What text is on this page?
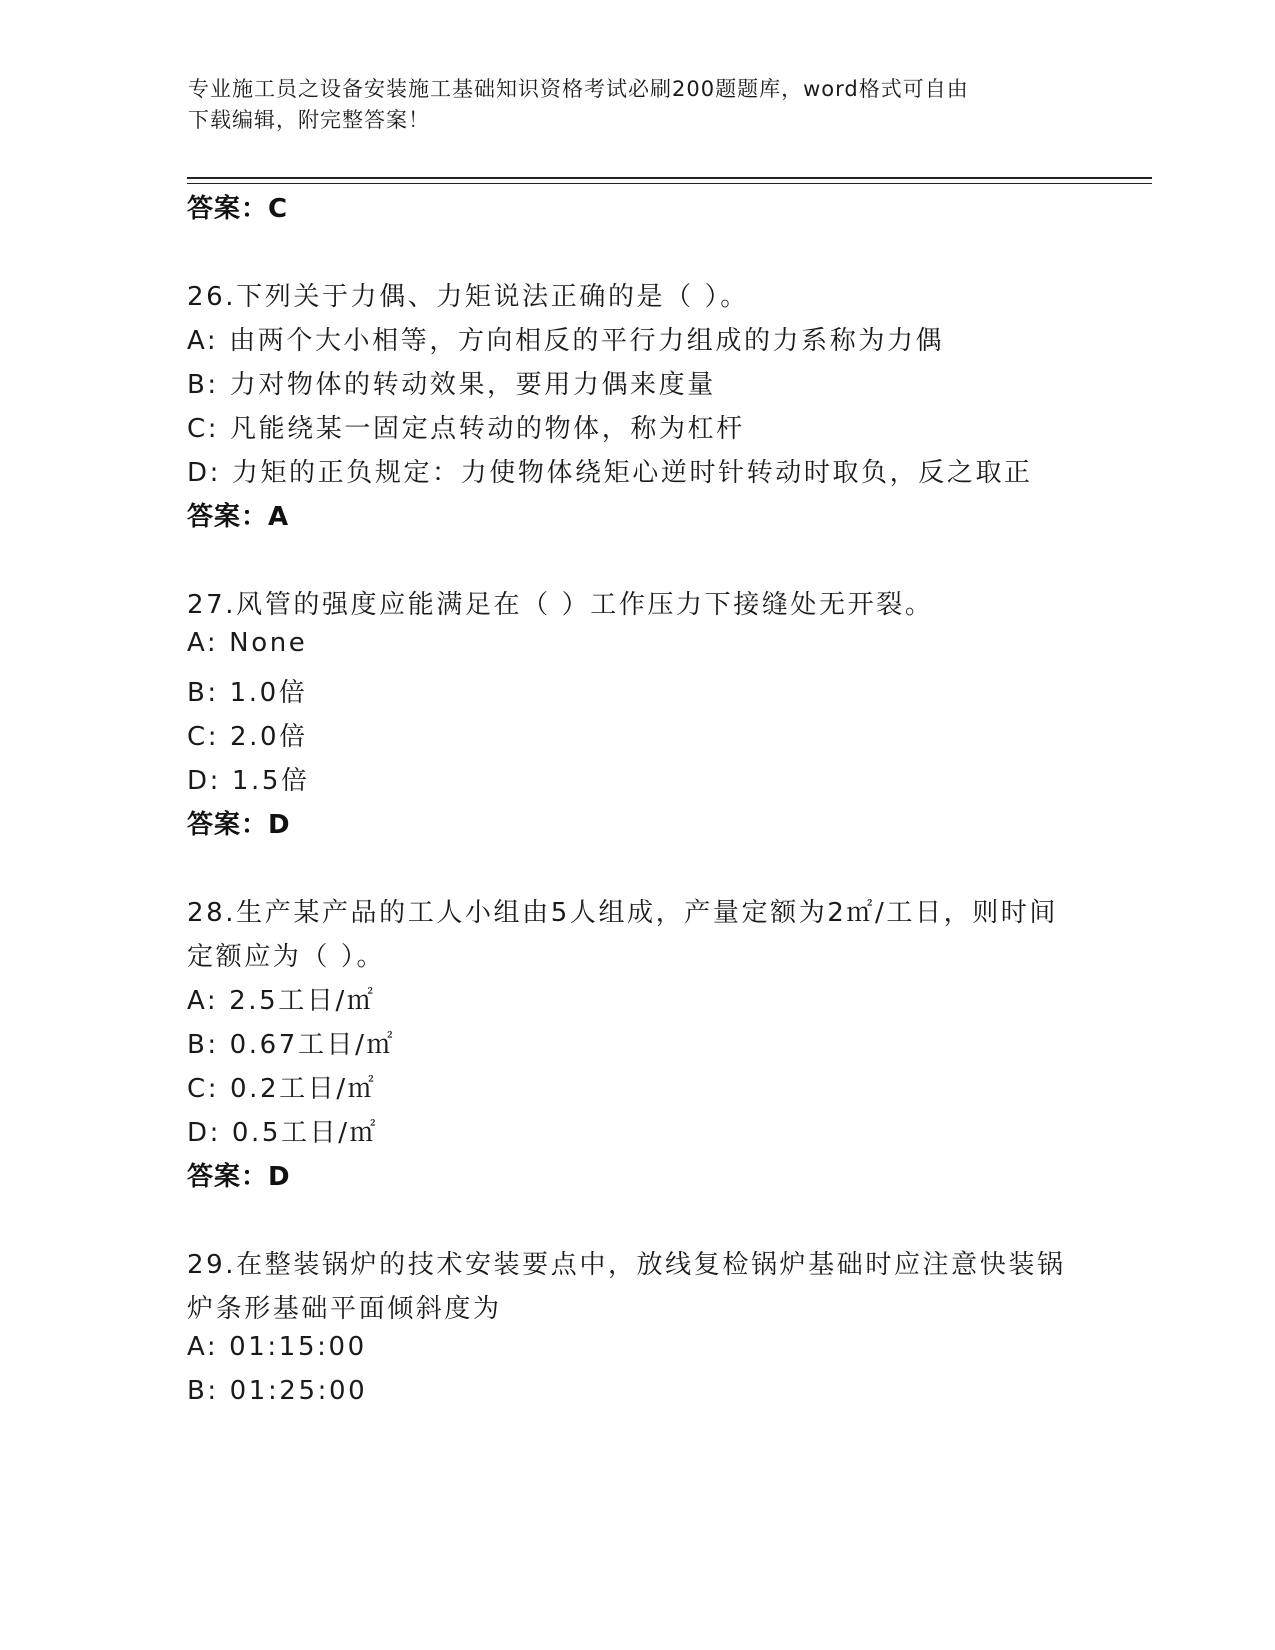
专业施工员之设备安装施工基础知识资格考试必刷200题题库，word格式可自由
下载编辑，附完整答案！
答案：C
26.下列关于力偶、力矩说法正确的是（ ）。
A: 由两个大小相等，方向相反的平行力组成的力系称为力偶
B: 力对物体的转动效果，要用力偶来度量
C: 凡能绕某一固定点转动的物体，称为杠杆
D: 力矩的正负规定：力使物体绕矩心逆时针转动时取负，反之取正
答案：A
27.风管的强度应能满足在（ ）工作压力下接缝处无开裂。
A: None
B: 1.0倍
C: 2.0倍
D: 1.5倍
答案：D
28.生产某产品的工人小组由5人组成，产量定额为2㎡/工日，则时间
定额应为（ ）。
A: 2.5工日/㎡
B: 0.67工日/㎡
C: 0.2工日/㎡
D: 0.5工日/㎡
答案：D
29.在整装锅炉的技术安装要点中，放线复检锅炉基础时应注意快装锅
炉条形基础平面倾斜度为
A: 01:15:00
B: 01:25:00
